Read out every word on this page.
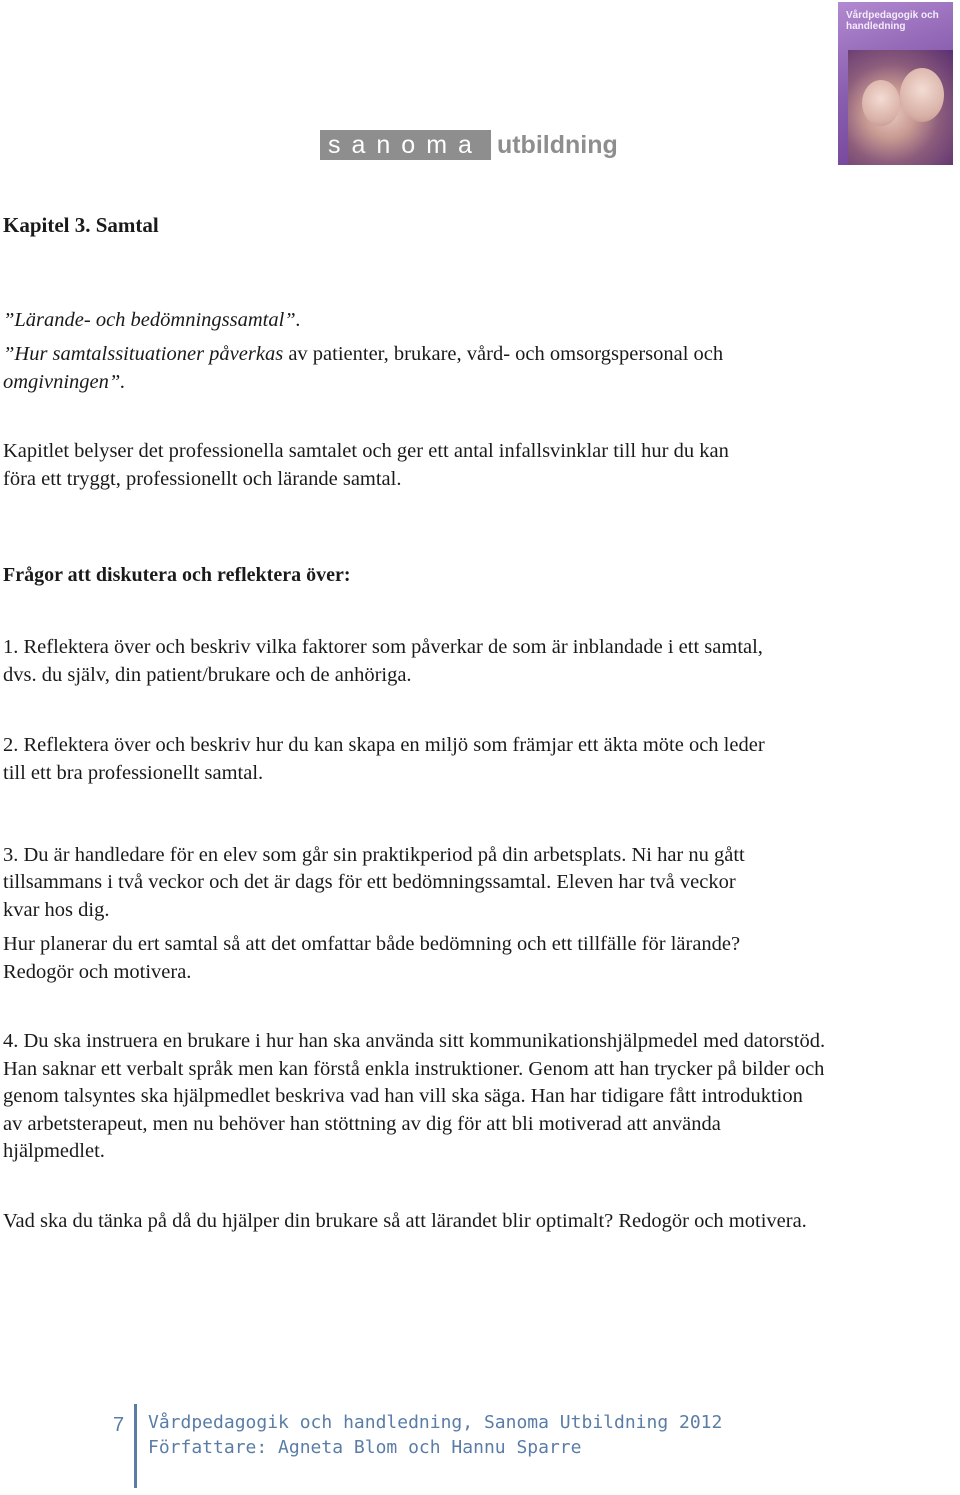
sanoma utbildning
Vårdpedagogik och handledning

Kapitel 3. Samtal

”Lärande- och bedömningssamtal”.

”Hur samtalssituationer påverkas av patienter, brukare, vård- och omsorgspersonal och

omgivningen”.

Kapitlet belyser det professionella samtalet och ger ett antal infallsvinklar till hur du kan

föra ett tryggt, professionellt och lärande samtal.

Frågor att diskutera och reflektera över:

1. Reflektera över och beskriv vilka faktorer som påverkar de som är inblandade i ett samtal,

dvs. du själv, din patient/brukare och de anhöriga.

2. Reflektera över och beskriv hur du kan skapa en miljö som främjar ett äkta möte och leder

till ett bra professionellt samtal.

3. Du är handledare för en elev som går sin praktikperiod på din arbetsplats. Ni har nu gått

tillsammans i två veckor och det är dags för ett bedömningssamtal. Eleven har två veckor

kvar hos dig.

Hur planerar du ert samtal så att det omfattar både bedömning och ett tillfälle för lärande?

Redogör och motivera.

4. Du ska instruera en brukare i hur han ska använda sitt kommunikationshjälpmedel med datorstöd.

Han saknar ett verbalt språk men kan förstå enkla instruktioner. Genom att han trycker på bilder och

genom talsyntes ska hjälpmedlet beskriva vad han vill ska säga. Han har tidigare fått introduktion

av arbetsterapeut, men nu behöver han stöttning av dig för att bli motiverad att använda

hjälpmedlet.

Vad ska du tänka på då du hjälper din brukare så att lärandet blir optimalt? Redogör och motivera.

7 Vårdpedagogik och handledning, Sanoma Utbildning 2012
Författare: Agneta Blom och Hannu Sparre
